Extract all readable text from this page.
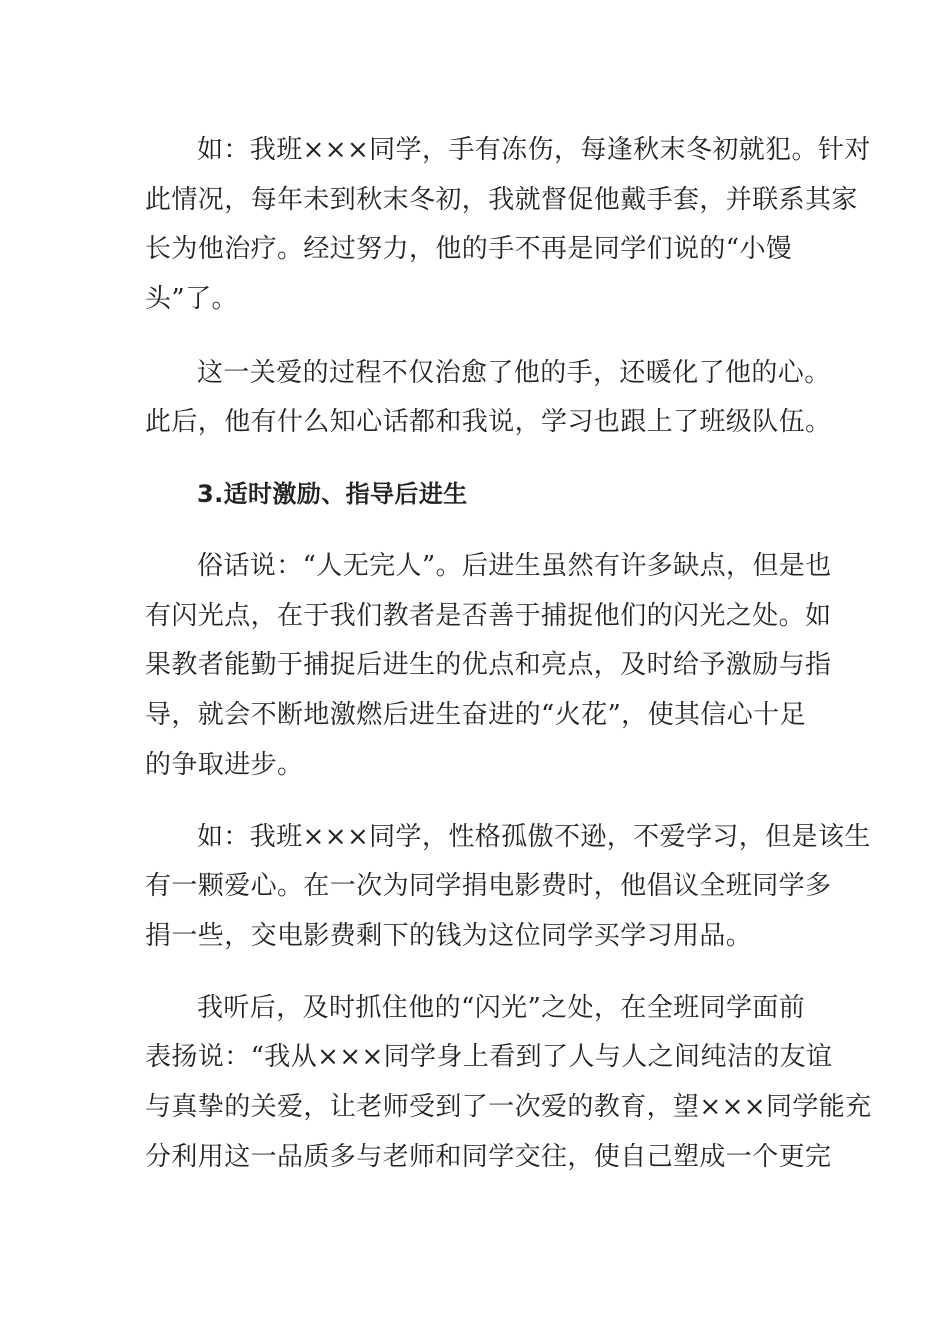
如：我班×××同学，手有冻伤，每逢秋末冬初就犯。针对
此情况，每年未到秋末冬初，我就督促他戴手套，并联系其家
长为他治疗。经过努力，他的手不再是同学们说的“小馒
头”了。
这一关爱的过程不仅治愈了他的手，还暖化了他的心。
此后，他有什么知心话都和我说，学习也跟上了班级队伍。
3.适时激励、指导后进生
俗话说：“人无完人”。后进生虽然有许多缺点，但是也
有闪光点，在于我们教者是否善于捕捉他们的闪光之处。如
果教者能勤于捕捉后进生的优点和亮点，及时给予激励与指
导，就会不断地激燃后进生奋进的“火花”，使其信心十足
的争取进步。
如：我班×××同学，性格孤傲不逊，不爱学习，但是该生
有一颗爱心。在一次为同学捐电影费时，他倡议全班同学多
捐一些，交电影费剩下的钱为这位同学买学习用品。
我听后，及时抓住他的“闪光”之处，在全班同学面前
表扬说：“我从×××同学身上看到了人与人之间纯洁的友谊
与真挚的关爱，让老师受到了一次爱的教育，望×××同学能充
分利用这一品质多与老师和同学交往，使自己塑成一个更完
